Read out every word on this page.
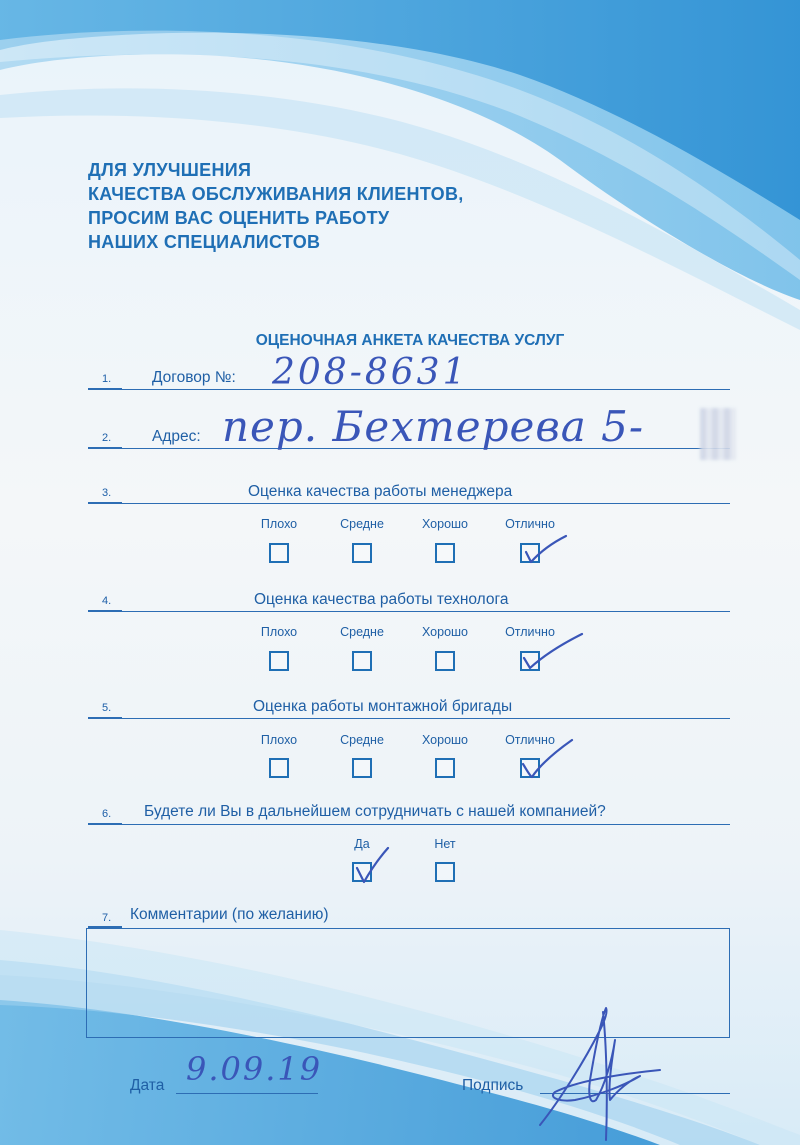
ДЛЯ УЛУЧШЕНИЯ
КАЧЕСТВА ОБСЛУЖИВАНИЯ КЛИЕНТОВ,
ПРОСИМ ВАС ОЦЕНИТЬ РАБОТУ
НАШИХ СПЕЦИАЛИСТОВ
ОЦЕНОЧНАЯ АНКЕТА КАЧЕСТВА УСЛУГ
1.	Договор №: 208-8631
2.	Адрес: пер. Бехтерева 5-
3.	Оценка качества работы менеджера
Плохо	Средне	Хорошо	Отлично
4.	Оценка качества работы технолога
Плохо	Средне	Хорошо	Отлично
5.	Оценка работы монтажной бригады
Плохо	Средне	Хорошо	Отлично
6. Будете ли Вы в дальнейшем сотрудничать с нашей компанией?
Да	Нет
7. Комментарии (по желанию)
Дата 9.09.19	Подпись
